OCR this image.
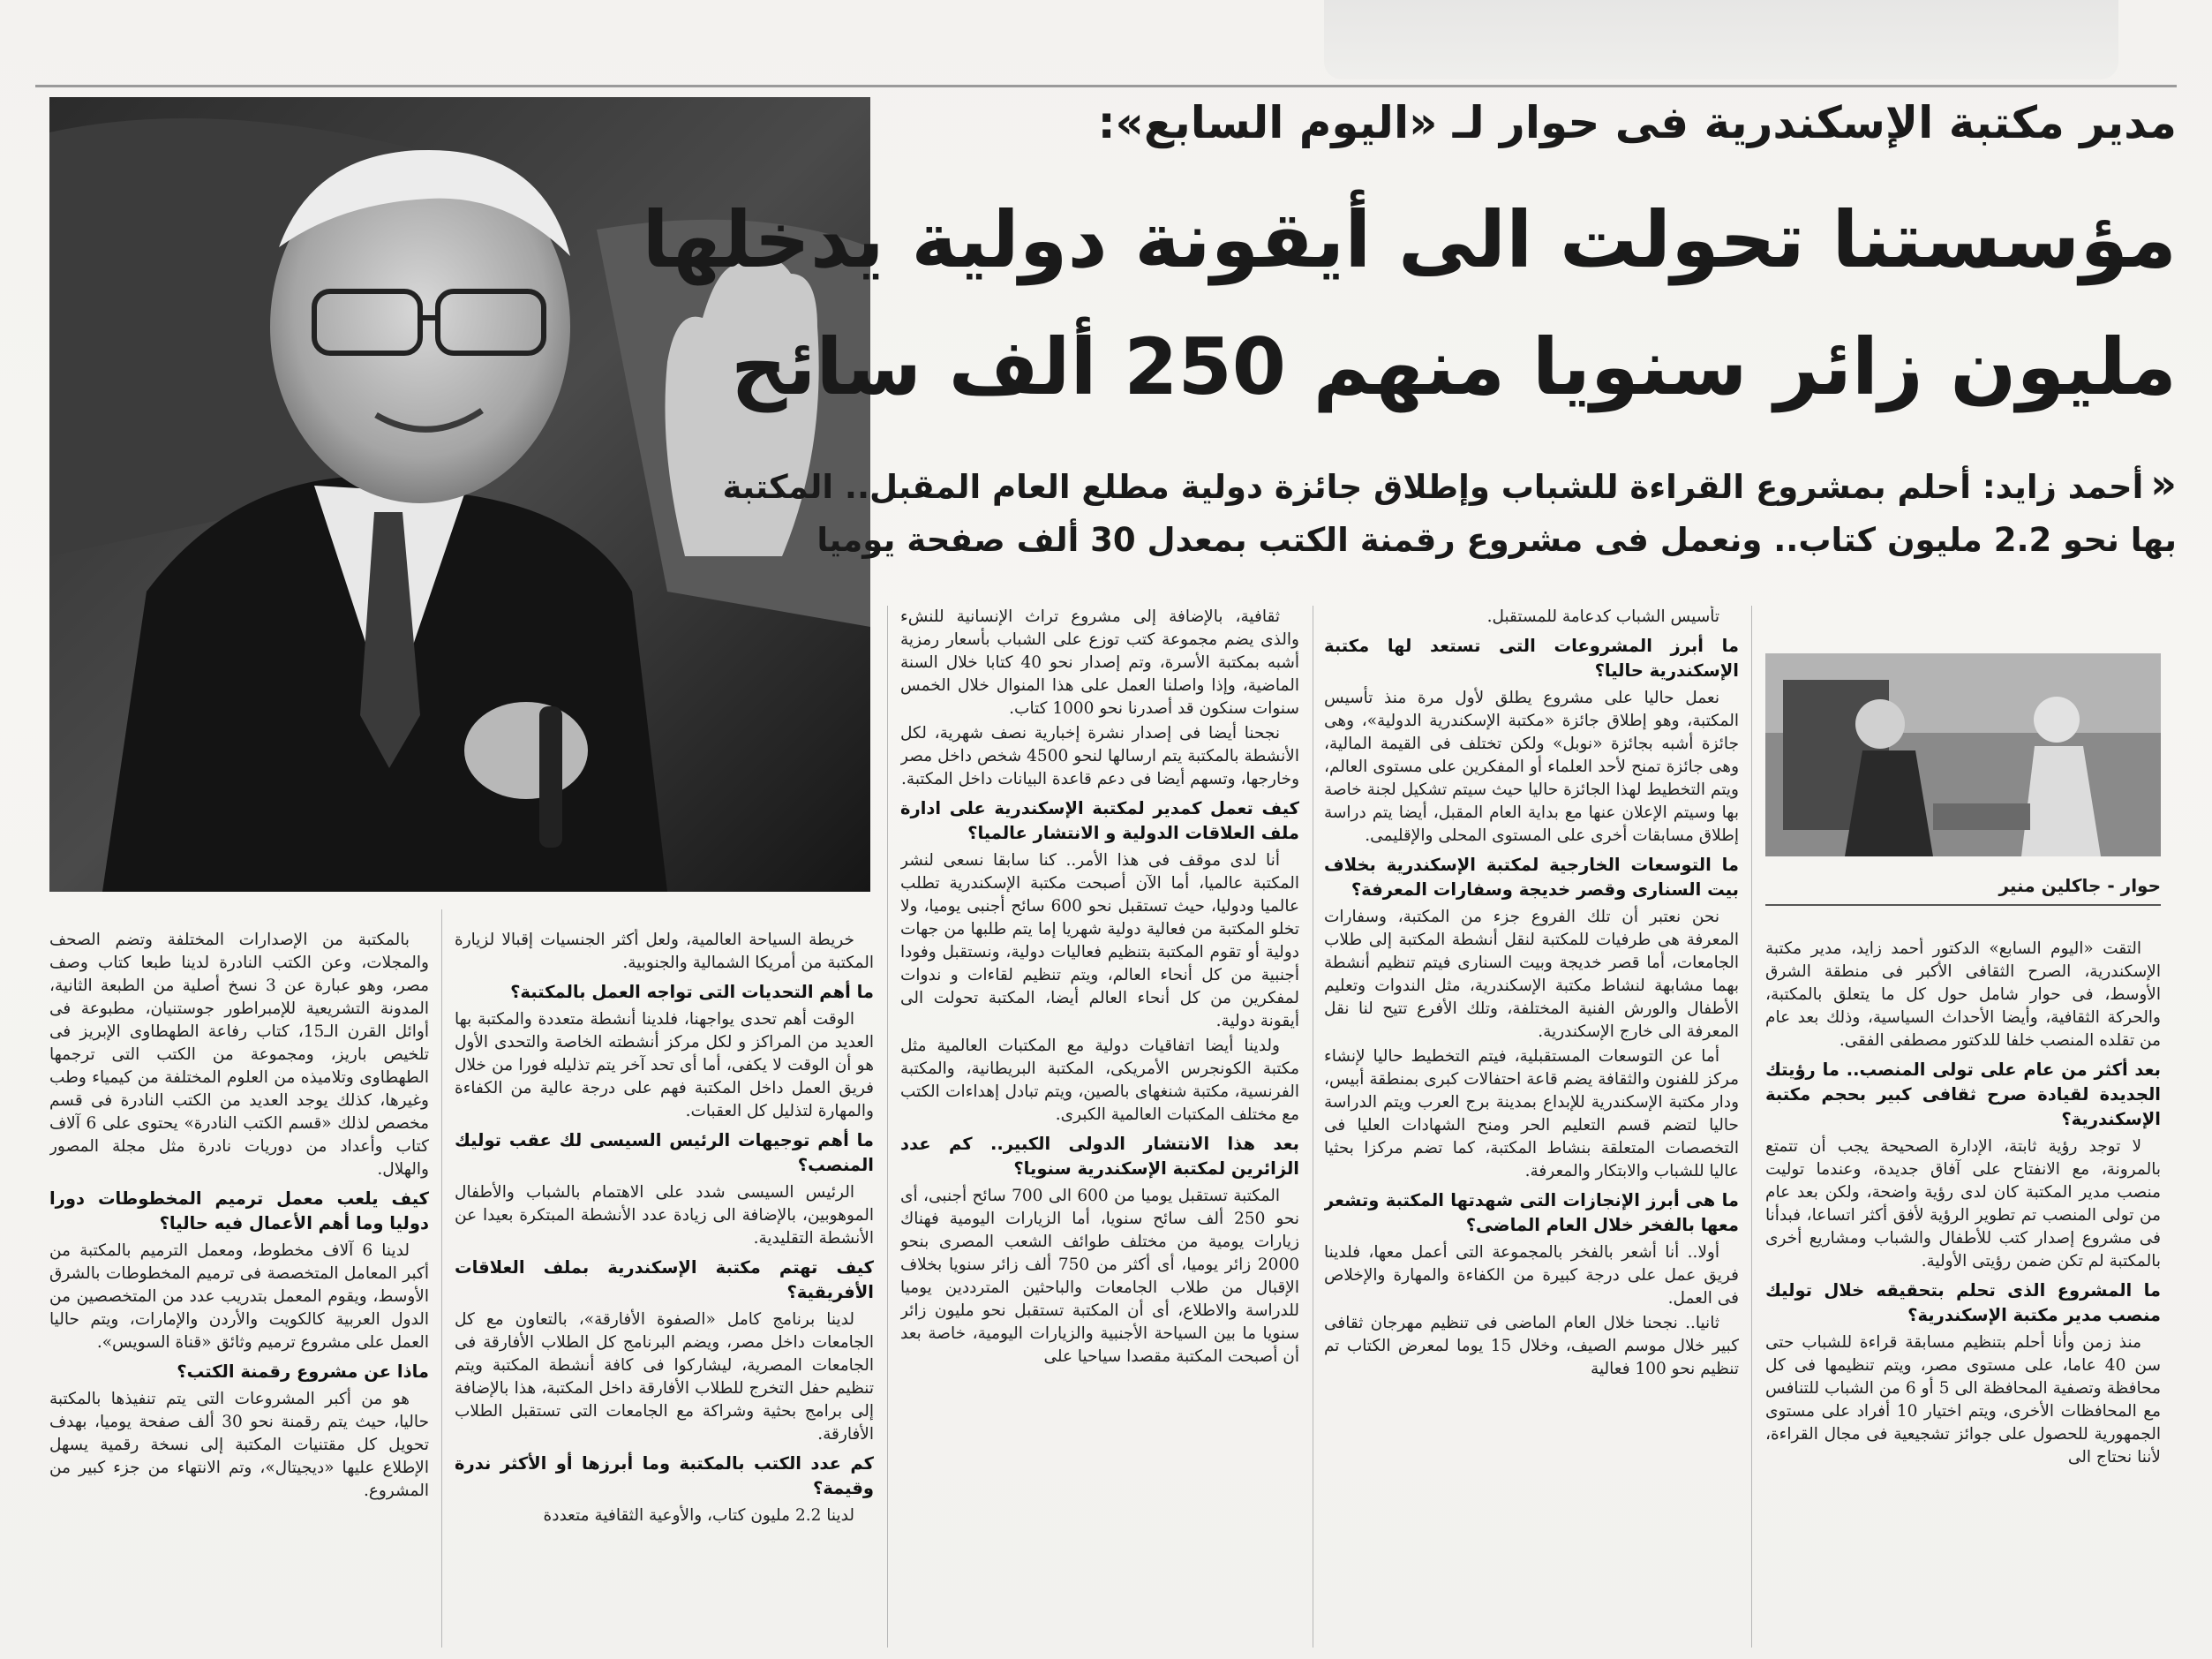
مدير مكتبة الإسكندرية فى حوار لـ «اليوم السابع»:
مؤسستنا تحولت الى أيقونة دولية يدخلها
مليون زائر سنويا منهم 250 ألف سائح
«أحمد زايد: أحلم بمشروع القراءة للشباب وإطلاق جائزة دولية مطلع العام المقبل.. المكتبة
بها نحو 2.2 مليون كتاب.. ونعمل فى مشروع رقمنة الكتب بمعدل 30 ألف صفحة يوميا
حوار - جاكلين منير

تأسيس الشباب كدعامة للمستقبل.

ما أبرز المشروعات التى تستعد لها مكتبة الإسكندرية حاليا؟

نعمل حاليا على مشروع يطلق لأول مرة منذ تأسيس المكتبة، وهو إطلاق جائزة «مكتبة الإسكندرية الدولية»، وهى جائزة أشبه بجائزة «نوبل» ولكن تختلف فى القيمة المالية، وهى جائزة تمنح لأحد العلماء أو المفكرين على مستوى العالم، ويتم التخطيط لهذا الجائزة حاليا حيث سيتم تشكيل لجنة خاصة بها وسيتم الإعلان عنها مع بداية العام المقبل، أيضا يتم دراسة إطلاق مسابقات أخرى على المستوى المحلى والإقليمى.

ما التوسعات الخارجية لمكتبة الإسكندرية بخلاف بيت السنارى وقصر خديجة وسفارات المعرفة؟

نحن نعتبر أن تلك الفروع جزء من المكتبة، وسفارات المعرفة هى طرفيات للمكتبة لنقل أنشطة المكتبة إلى طلاب الجامعات، أما قصر خديجة وبيت السنارى فيتم تنظيم أنشطة بهما مشابهة لنشاط مكتبة الإسكندرية، مثل الندوات وتعليم الأطفال والورش الفنية المختلفة، وتلك الأفرع تتيح لنا نقل المعرفة الى خارج الإسكندرية.

أما عن التوسعات المستقبلية، فيتم التخطيط حاليا لإنشاء مركز للفنون والثقافة يضم قاعة احتفالات كبرى بمنطقة أبيس، ودار مكتبة الإسكندرية للإبداع بمدينة برج العرب ويتم الدراسة حاليا لتضم قسم التعليم الحر ومنح الشهادات العليا فى التخصصات المتعلقة بنشاط المكتبة، كما تضم مركزا بحثيا عاليا للشباب والابتكار والمعرفة.

ما هى أبرز الإنجازات التى شهدتها المكتبة وتشعر معها بالفخر خلال العام الماضى؟

أولا.. أنا أشعر بالفخر بالمجموعة التى أعمل معها، فلدينا فريق عمل على درجة كبيرة من الكفاءة والمهارة والإخلاص فى العمل.

ثانيا.. نجحنا خلال العام الماضى فى تنظيم مهرجان ثقافى كبير خلال موسم الصيف، وخلال 15 يوما لمعرض الكتاب تم تنظيم نحو 100 فعالية

التقت «اليوم السابع» الدكتور أحمد زايد، مدير مكتبة الإسكندرية، الصرح الثقافى الأكبر فى منطقة الشرق الأوسط، فى حوار شامل حول كل ما يتعلق بالمكتبة، والحركة الثقافية، وأيضا الأحداث السياسية، وذلك بعد عام من تقلده المنصب خلفا للدكتور مصطفى الفقى.

بعد أكثر من عام على تولى المنصب.. ما رؤيتك الجديدة لقيادة صرح ثقافى كبير بحجم مكتبة الإسكندرية؟

لا توجد رؤية ثابتة، الإدارة الصحيحة يجب أن تتمتع بالمرونة، مع الانفتاح على آفاق جديدة، وعندما توليت منصب مدير المكتبة كان لدى رؤية واضحة، ولكن بعد عام من تولى المنصب تم تطوير الرؤية لأفق أكثر اتساعا، فبدأنا فى مشروع إصدار كتب للأطفال والشباب ومشاريع أخرى بالمكتبة لم تكن ضمن رؤيتى الأولية.

ما المشروع الذى تحلم بتحقيقه خلال توليك منصب مدير مكتبة الإسكندرية؟

منذ زمن وأنا أحلم بتنظيم مسابقة قراءة للشباب حتى سن 40 عاما، على مستوى مصر، ويتم تنظيمها فى كل محافظة وتصفية المحافظة الى 5 أو 6 من الشباب للتنافس مع المحافظات الأخرى، ويتم اختيار 10 أفراد على مستوى الجمهورية للحصول على جوائز تشجيعية فى مجال القراءة، لأننا نحتاج الى

ثقافية، بالإضافة إلى مشروع تراث الإنسانية للنشء والذى يضم مجموعة كتب توزع على الشباب بأسعار رمزية أشبه بمكتبة الأسرة، وتم إصدار نحو 40 كتابا خلال السنة الماضية، وإذا واصلنا العمل على هذا المنوال خلال الخمس سنوات سنكون قد أصدرنا نحو 1000 كتاب.

نجحنا أيضا فى إصدار نشرة إخبارية نصف شهرية، لكل الأنشطة بالمكتبة يتم ارسالها لنحو 4500 شخص داخل مصر وخارجها، وتسهم أيضا فى دعم قاعدة البيانات داخل المكتبة.

كيف تعمل كمدير لمكتبة الإسكندرية على ادارة ملف العلاقات الدولية و الانتشار عالميا؟

أنا لدى موقف فى هذا الأمر.. كنا سابقا نسعى لنشر المكتبة عالميا، أما الآن أصبحت مكتبة الإسكندرية تطلب عالميا ودوليا، حيث تستقبل نحو 600 سائح أجنبى يوميا، ولا تخلو المكتبة من فعالية دولية شهريا إما يتم طلبها من جهات دولية أو تقوم المكتبة بتنظيم فعاليات دولية، ونستقبل وفودا أجنبية من كل أنحاء العالم، ويتم تنظيم لقاءات و ندوات لمفكرين من كل أنحاء العالم أيضا، المكتبة تحولت الى أيقونة دولية.

ولدينا أيضا اتفاقيات دولية مع المكتبات العالمية مثل مكتبة الكونجرس الأمريكى، المكتبة البريطانية، والمكتبة الفرنسية، مكتبة شنغهاى بالصين، ويتم تبادل إهداءات الكتب مع مختلف المكتبات العالمية الكبرى.

بعد هذا الانتشار الدولى الكبير.. كم عدد الزائرين لمكتبة الإسكندرية سنويا؟

المكتبة تستقبل يوميا من 600 الى 700 سائح أجنبى، أى نحو 250 ألف سائح سنويا، أما الزيارات اليومية فهناك زيارات يومية من مختلف طوائف الشعب المصرى بنحو 2000 زائر يوميا، أى أكثر من 750 ألف زائر سنويا بخلاف الإقبال من طلاب الجامعات والباحثين المترددين يوميا للدراسة والاطلاع، أى أن المكتبة تستقبل نحو مليون زائر سنويا ما بين السياحة الأجنبية والزيارات اليومية، خاصة بعد أن أصبحت المكتبة مقصدا سياحيا على

خريطة السياحة العالمية، ولعل أكثر الجنسيات إقبالا لزيارة المكتبة من أمريكا الشمالية والجنوبية.

ما أهم التحديات التى تواجه العمل بالمكتبة؟

الوقت أهم تحدى يواجهنا، فلدينا أنشطة متعددة والمكتبة بها العديد من المراكز و لكل مركز أنشطته الخاصة والتحدى الأول هو أن الوقت لا يكفى، أما أى تحد آخر يتم تذليله فورا من خلال فريق العمل داخل المكتبة فهم على درجة عالية من الكفاءة والمهارة لتذليل كل العقبات.

ما أهم توجيهات الرئيس السيسى لك عقب توليك المنصب؟

الرئيس السيسى شدد على الاهتمام بالشباب والأطفال الموهوبين، بالإضافة الى زيادة عدد الأنشطة المبتكرة بعيدا عن الأنشطة التقليدية.

كيف تهتم مكتبة الإسكندرية بملف العلاقات الأفريقية؟

لدينا برنامج كامل «الصفوة الأفارقة»، بالتعاون مع كل الجامعات داخل مصر، ويضم البرنامج كل الطلاب الأفارقة فى الجامعات المصرية، ليشاركوا فى كافة أنشطة المكتبة ويتم تنظيم حفل التخرج للطلاب الأفارقة داخل المكتبة، هذا بالإضافة إلى برامج بحثية وشراكة مع الجامعات التى تستقبل الطلاب الأفارقة.

كم عدد الكتب بالمكتبة وما أبرزها أو الأكثر ندرة وقيمة؟

لدينا 2.2 مليون كتاب، والأوعية الثقافية متعددة

بالمكتبة من الإصدارات المختلفة وتضم الصحف والمجلات، وعن الكتب النادرة لدينا طبعا كتاب وصف مصر، وهو عبارة عن 3 نسخ أصلية من الطبعة الثانية، المدونة التشريعية للإمبراطور جوستنيان، مطبوعة فى أوائل القرن الـ15، كتاب رفاعة الطهطاوى الإبريز فى تلخيص باريز، ومجموعة من الكتب التى ترجمها الطهطاوى وتلاميذه من العلوم المختلفة من كيمياء وطب وغيرها، كذلك يوجد العديد من الكتب النادرة فى قسم مخصص لذلك «قسم الكتب النادرة» يحتوى على 6 آلاف كتاب وأعداد من دوريات نادرة مثل مجلة المصور والهلال.

كيف يلعب معمل ترميم المخطوطات دورا دوليا وما أهم الأعمال فيه حاليا؟

لدينا 6 آلاف مخطوط، ومعمل الترميم بالمكتبة من أكبر المعامل المتخصصة فى ترميم المخطوطات بالشرق الأوسط، ويقوم المعمل بتدريب عدد من المتخصصين من الدول العربية كالكويت والأردن والإمارات، ويتم حاليا العمل على مشروع ترميم وثائق «قناة السويس».

ماذا عن مشروع رقمنة الكتب؟

هو من أكبر المشروعات التى يتم تنفيذها بالمكتبة حاليا، حيث يتم رقمنة نحو 30 ألف صفحة يوميا، بهدف تحويل كل مقتنيات المكتبة إلى نسخة رقمية يسهل الإطلاع عليها «ديجيتال»، وتم الانتهاء من جزء كبير من المشروع.
